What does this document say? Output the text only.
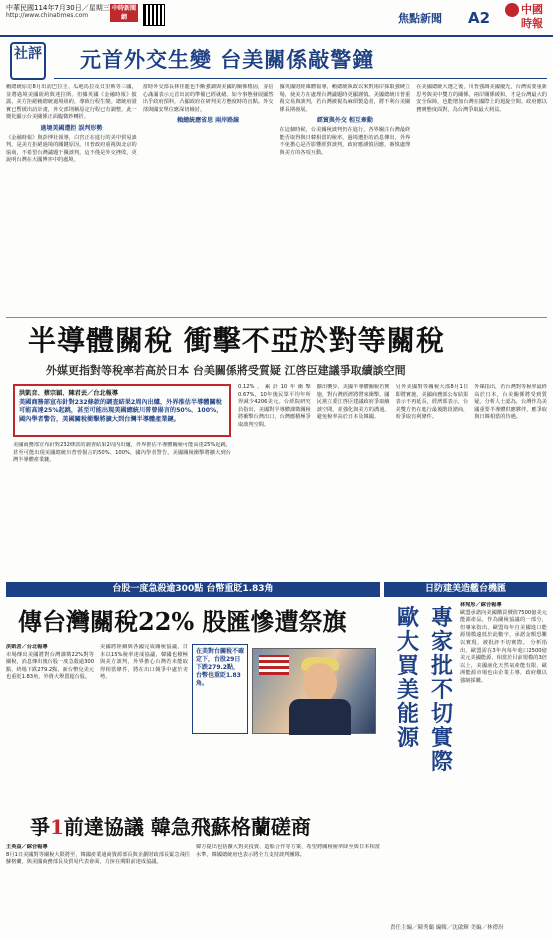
中華民國114年7月30日／星期三
http://www.chinatimes.com
中時新聞網	焦點新聞 A2	中國時報
社評 元首外交生變 台美關係敲警鐘
賴總統原訂8月出訪巴拉圭、瓜地馬拉及貝里斯等三國，並將過境美國紐約與達拉斯。但據英國《金融時報》披露，美方拒絕賴總統過境紐約，導致行程生變。總統府證實已暫緩出訪計畫，外交部則稱原定行程已有調整。此一變化顯示台美關係正面臨微妙轉折。
過境美國遭拒 誤判形勢
《金融時報》與彭博社報導，白宮正在進行的美中貿易談判，是美方拒絕過境的關鍵原因。川普政府重視與北京的協商，不希望台灣議題干擾談判。這不僅是外交挫敗，更說明台灣在大國博弈中的處境。
當時外交部長林佳龍也不斷強調與美國的關係穩固，並信心滿滿表示元首出訪的準備已經就緒。如今事態發展顯然出乎政府預料，凸顯政府在研判美方態度時的盲點。外交部與國安單位應深切檢討。
賴總統應省思 兩岸路線
據英國財經媒體報導，賴總統執政以來對兩岸採取強硬立場，使美方在處理台灣議題時更顯謹慎。美國總統川普重視交易與談判，若台灣被視為麻煩製造者，將不利台美關係長期發展。
經貿與外交 相互牽動
在這個時候，台美關稅談判仍在進行，各界關注台灣最終能否取得與日韓相當的稅率。過境遭拒的消息傳出，外界不免擔心是否影響經貿談判，政府應謹慎因應，審慎處理與美方的各項互動。
在美國總統大選之後，川普強調美國優先，台灣需要重新思考與美中雙方的關係。兩岸關係緩和，才是台灣最大的安全保障，也能增加台灣在國際上的迴旋空間。政府應以務實態度面對，為台灣爭取最大利益。
半導體關稅 衝擊不亞於對等關稅
外媒更指對等稅率若高於日本 台美關係將受質疑 江啓臣建議爭取續談空間
洪凱音、蔡宗穎、陳君丟／台北報導
美國商務部宣布針對232條款的調查結果2周內出爐，外界推估半導體關稅可能高達25%起跳，甚至可能出現美國總統川普曾揚言的50%、100%，國內學者警告，美國關稅衝擊將擴大到台灣半導體產業鏈。
美國商務部宣布針對232條款的調查結果2周內出爐，外界推估半導體關稅可能高達25%起跳，甚至可能出現美國總統川普曾揚言的50%、100%，國內學者警告，美國關稅衝擊將擴大到台灣半導體產業鏈。
0.12%，累計10年衝擊0.67%，10年後民眾平均年所得減少4206美元。台經院研究員指出，美國對半導體課徵關稅將衝擊台灣出口，台灣應積極爭取談判空間。
擴出襲步，美國半導體關稅若實施，對台灣經濟將帶來衝擊。國民黨立委江啓臣建議政府爭取續談空間，並強化與美方的溝通，避免稅率高於日本及韓國。
另外美國對等關稅大部8月1日即將實施，美國商務部公布結果表示不再延長，經濟部表示，台美雙方仍在進行最後階段諮商，盼爭取有利條件。
外媒指出，若台灣對等稅率最終高於日本，台美關係將受到質疑。分析人士認為，台灣作為美國重要半導體供應夥伴，應爭取與日韓相當的待遇。
台股一度急殺逾300點 台幣重貶1.83角
傳台灣關稅22% 股匯慘遭祭旗
洪凱音／台北報導
市場傳出美國將對台灣課徵22%對等關稅，消息傳出後台股一度急殺逾300點，終場下跌279.2點，新台幣兌美元也重貶1.83角，外資大舉賣超台股。
美國將陸續與各國完成關稅協議，日本以15%稅率達成協議，韓國也積極與美方談判，外界擔心台灣若未能取得相當條件，將在出口競爭中處於劣勢。
在美對台關稅不確定下，台股29日下跌279.2點，台幣也重貶1.83角。
爭1前達協議 韓急飛蘇格蘭磋商
王英益／綜合報導
8月1日美國對等關稅大限將至，韓國產業通商資源部長與企劃財政部長緊急飛往蘇格蘭，與美國商務部長及貿易代表會面，力拚在期限前達成協議。
韓方提出包括擴大對美投資、造船合作等方案，希望將關稅稅率降至與日本相當水準，韓國總統府也表示將全力支持談判團隊。
日防建美造艦台機匯
歐大買美能源
專家批不切實際
林宛彤／綜合報導
歐盟承諾向美國購買價值7500億美元能源產品，作為關稅協議的一部分，但專家指出，歐盟每年自美國進口能源規模遠低於此數字，承諾金額恐難以實現，被批評不切實際。 分析指出，歐盟需在3年內每年進口2500億美元美國能源，相當於目前規模的3倍以上，美國液化天然氣產能有限，歐洲能源市場也由企業主導，政府難以強制採購。
責任主編／陳秀蘭 編輯／沈啟輝 美編／林禮玢
